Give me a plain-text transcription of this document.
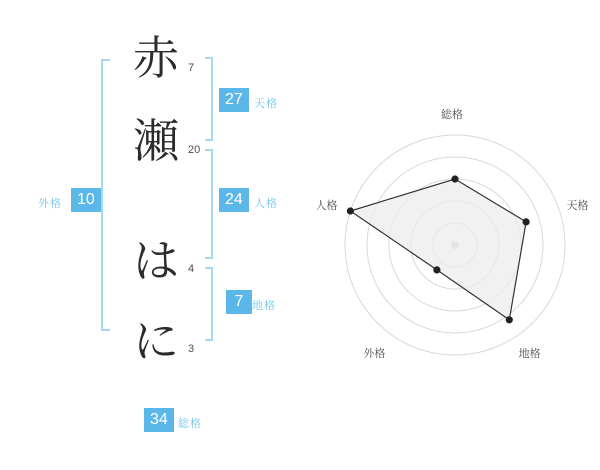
赤
瀬
は
に
7
20
4
3
27	天格
24	人格
7 地格
10
外格
34 総格
総格
天格
地格
外格
人格
